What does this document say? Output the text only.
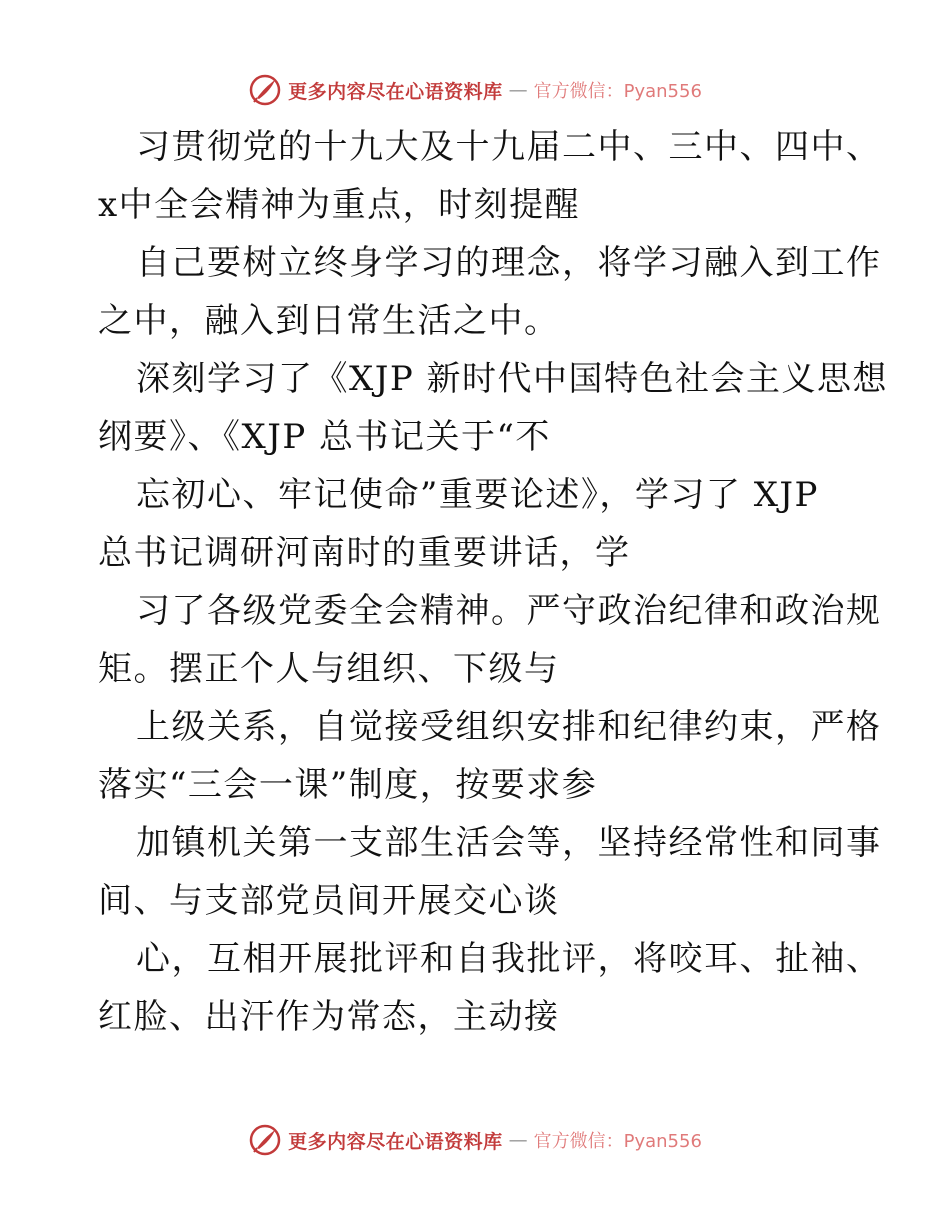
更多内容尽在心语资料库 — 官方微信：Pyan556
习贯彻党的十九大及十九届二中、三中、四中、
x中全会精神为重点，时刻提醒
自己要树立终身学习的理念，将学习融入到工作
之中，融入到日常生活之中。
深刻学习了《XJP 新时代中国特色社会主义思想
纲要》、《XJP 总书记关于“不
忘初心、牢记使命”重要论述》，学习了 XJP
总书记调研河南时的重要讲话，学
习了各级党委全会精神。严守政治纪律和政治规
矩。摆正个人与组织、下级与
上级关系，自觉接受组织安排和纪律约束，严格
落实“三会一课”制度，按要求参
加镇机关第一支部生活会等，坚持经常性和同事
间、与支部党员间开展交心谈
心，互相开展批评和自我批评，将咬耳、扯袖、
红脸、出汗作为常态，主动接
更多内容尽在心语资料库 — 官方微信：Pyan556
